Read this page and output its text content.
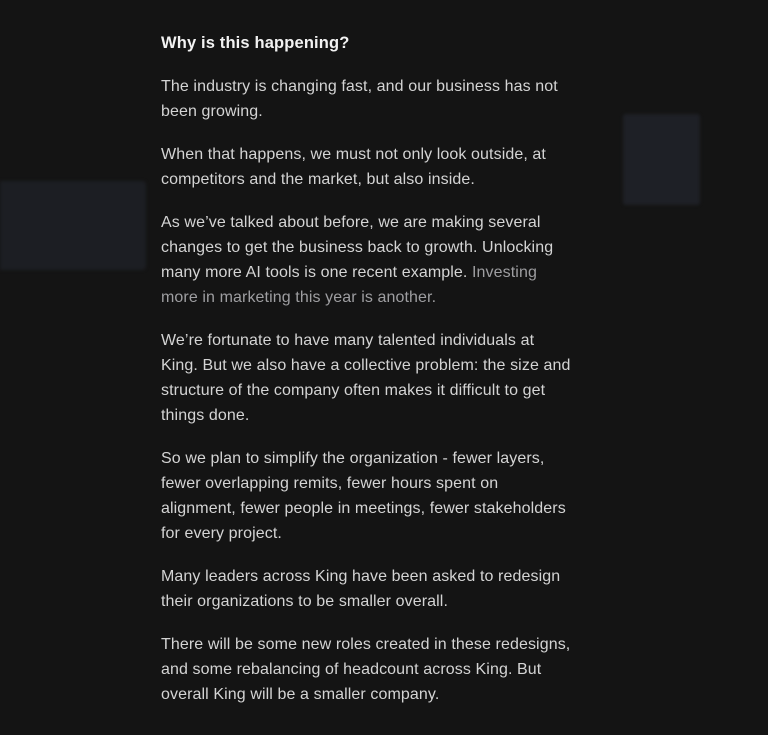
Why is this happening?
The industry is changing fast, and our business has not
been growing.
When that happens, we must not only look outside, at
competitors and the market, but also inside.
As we’ve talked about before, we are making several
changes to get the business back to growth. Unlocking
many more AI tools is one recent example. Investing
more in marketing this year is another.
We’re fortunate to have many talented individuals at
King. But we also have a collective problem: the size and
structure of the company often makes it difficult to get
things done.
So we plan to simplify the organization - fewer layers,
fewer overlapping remits, fewer hours spent on
alignment, fewer people in meetings, fewer stakeholders
for every project.
Many leaders across King have been asked to redesign
their organizations to be smaller overall.
There will be some new roles created in these redesigns,
and some rebalancing of headcount across King. But
overall King will be a smaller company.
